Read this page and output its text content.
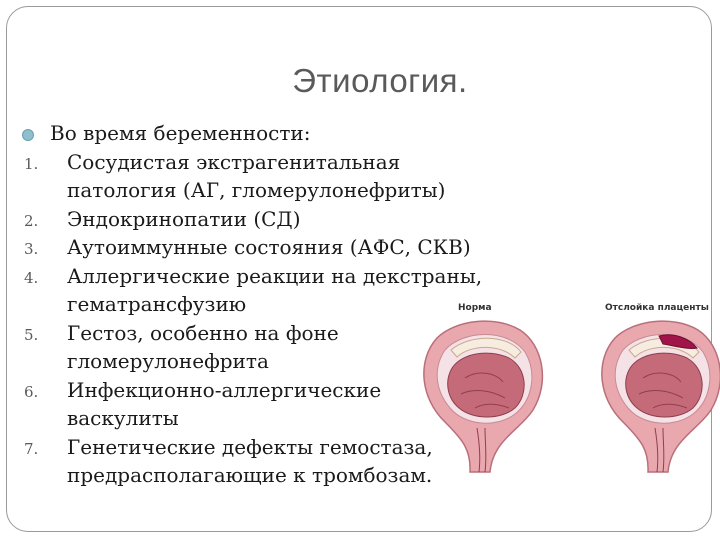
Этиология.
Во время беременности:
1. Сосудистая экстрагенитальная
патология (АГ, гломерулонефриты)
2. Эндокринопатии (СД)
3. Аутоиммунные состояния (АФС, СКВ)
4. Аллергические реакции на декстраны,
гематрансфузию
5. Гестоз, особенно на фоне
гломерулонефрита
6. Инфекционно-аллергические
васкулиты
7. Генетические дефекты гемостаза,
предрасполагающие к тромбозам.
Норма	Отслойка плаценты
